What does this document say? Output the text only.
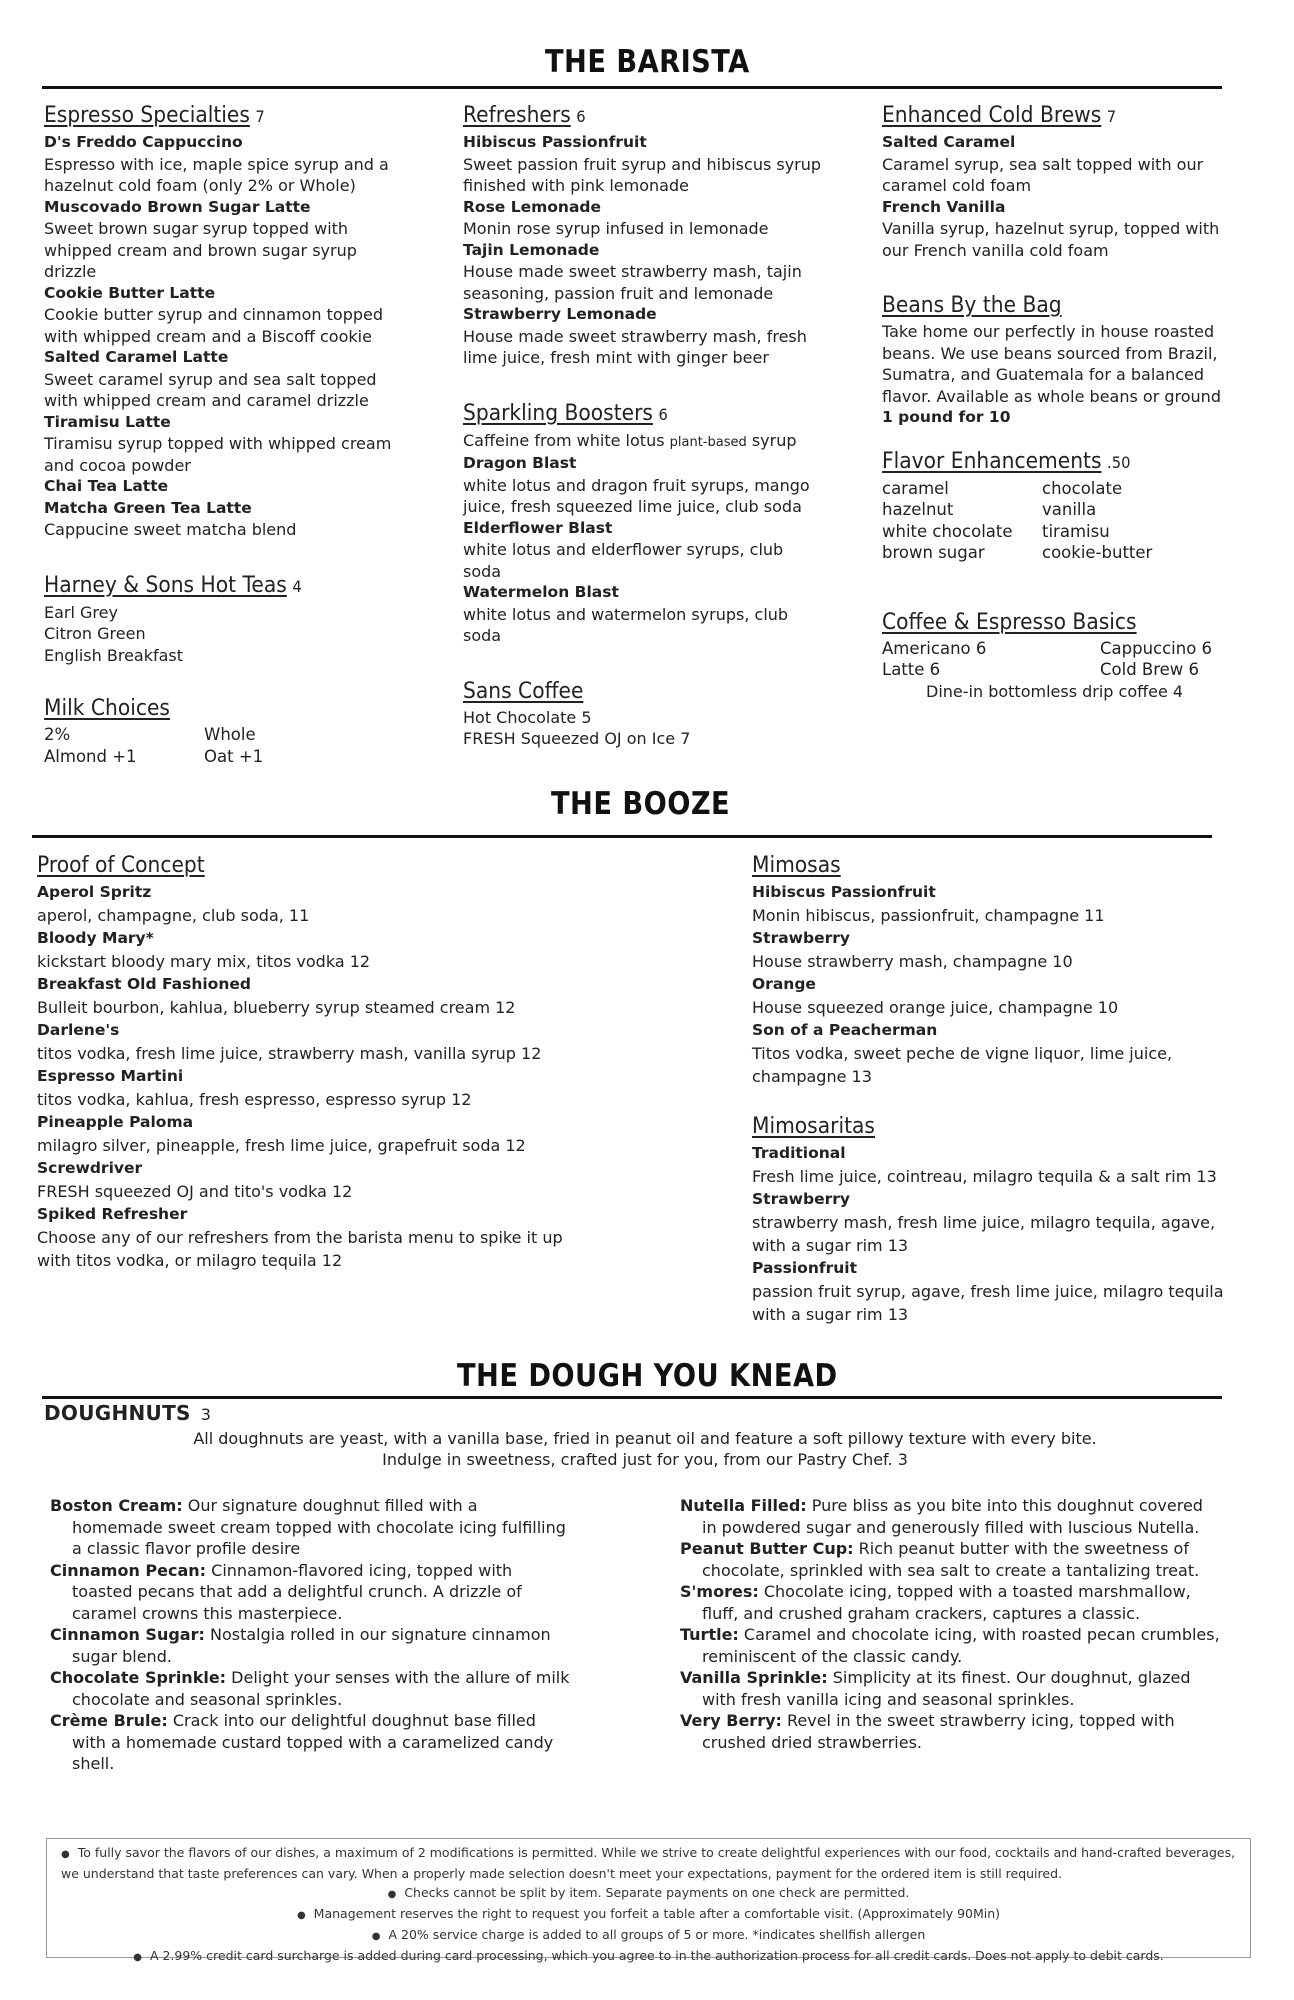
THE BARISTA
Espresso Specialties 7
D's Freddo Cappuccino
Espresso with ice, maple spice syrup and a hazelnut cold foam (only 2% or Whole)
Muscovado Brown Sugar Latte
Sweet brown sugar syrup topped with whipped cream and brown sugar syrup drizzle
Cookie Butter Latte
Cookie butter syrup and cinnamon topped with whipped cream and a Biscoff cookie
Salted Caramel Latte
Sweet caramel syrup and sea salt topped with whipped cream and caramel drizzle
Tiramisu Latte
Tiramisu syrup topped with whipped cream and cocoa powder
Chai Tea Latte
Matcha Green Tea Latte
Cappucine sweet matcha blend
Harney & Sons Hot Teas 4
Earl Grey
Citron Green
English Breakfast
Milk Choices
2%	Whole
Almond +1	Oat +1
Refreshers 6
Hibiscus Passionfruit
Sweet passion fruit syrup and hibiscus syrup finished with pink lemonade
Rose Lemonade
Monin rose syrup infused in lemonade
Tajin Lemonade
House made sweet strawberry mash, tajin seasoning, passion fruit and lemonade
Strawberry Lemonade
House made sweet strawberry mash, fresh lime juice, fresh mint with ginger beer
Sparkling Boosters 6
Caffeine from white lotus plant-based syrup
Dragon Blast
white lotus and dragon fruit syrups, mango juice, fresh squeezed lime juice, club soda
Elderflower Blast
white lotus and elderflower syrups, club soda
Watermelon Blast
white lotus and watermelon syrups, club soda
Sans Coffee
Hot Chocolate 5
FRESH Squeezed OJ on Ice 7
Enhanced Cold Brews 7
Salted Caramel
Caramel syrup, sea salt topped with our caramel cold foam
French Vanilla
Vanilla syrup, hazelnut syrup, topped with our French vanilla cold foam
Beans By the Bag
Take home our perfectly in house roasted beans. We use beans sourced from Brazil, Sumatra, and Guatemala for a balanced flavor. Available as whole beans or ground
1 pound for 10
Flavor Enhancements .50
caramel	chocolate
hazelnut	vanilla
white chocolate	tiramisu
brown sugar	cookie-butter
Coffee & Espresso Basics
Americano 6	Cappuccino 6
Latte 6	Cold Brew 6
Dine-in bottomless drip coffee 4
THE BOOZE
Proof of Concept
Aperol Spritz
aperol, champagne, club soda, 11
Bloody Mary*
kickstart bloody mary mix, titos vodka 12
Breakfast Old Fashioned
Bulleit bourbon, kahlua, blueberry syrup steamed cream 12
Darlene's
titos vodka, fresh lime juice, strawberry mash, vanilla syrup 12
Espresso Martini
titos vodka, kahlua, fresh espresso, espresso syrup 12
Pineapple Paloma
milagro silver, pineapple, fresh lime juice, grapefruit soda 12
Screwdriver
FRESH squeezed OJ and tito's vodka 12
Spiked Refresher
Choose any of our refreshers from the barista menu to spike it up with titos vodka, or milagro tequila 12
Mimosas
Hibiscus Passionfruit
Monin hibiscus, passionfruit, champagne 11
Strawberry
House strawberry mash, champagne 10
Orange
House squeezed orange juice, champagne 10
Son of a Peacherman
Titos vodka, sweet peche de vigne liquor, lime juice, champagne 13
Mimosaritas
Traditional
Fresh lime juice, cointreau, milagro tequila & a salt rim 13
Strawberry
strawberry mash, fresh lime juice, milagro tequila, agave, with a sugar rim 13
Passionfruit
passion fruit syrup, agave, fresh lime juice, milagro tequila with a sugar rim 13
THE DOUGH YOU KNEAD
DOUGHNUTS 3
All doughnuts are yeast, with a vanilla base, fried in peanut oil and feature a soft pillowy texture with every bite.
Indulge in sweetness, crafted just for you, from our Pastry Chef. 3

Boston Cream: Our signature doughnut filled with a homemade sweet cream topped with chocolate icing fulfilling a classic flavor profile desire

Cinnamon Pecan: Cinnamon-flavored icing, topped with toasted pecans that add a delightful crunch. A drizzle of caramel crowns this masterpiece.

Cinnamon Sugar: Nostalgia rolled in our signature cinnamon sugar blend.

Chocolate Sprinkle: Delight your senses with the allure of milk chocolate and seasonal sprinkles.

Crème Brule: Crack into our delightful doughnut base filled with a homemade custard topped with a caramelized candy shell.

Nutella Filled: Pure bliss as you bite into this doughnut covered in powdered sugar and generously filled with luscious Nutella.

Peanut Butter Cup: Rich peanut butter with the sweetness of chocolate, sprinkled with sea salt to create a tantalizing treat.

S'mores: Chocolate icing, topped with a toasted marshmallow, fluff, and crushed graham crackers, captures a classic.

Turtle: Caramel and chocolate icing, with roasted pecan crumbles, reminiscent of the classic candy.

Vanilla Sprinkle: Simplicity at its finest. Our doughnut, glazed with fresh vanilla icing and seasonal sprinkles.

Very Berry: Revel in the sweet strawberry icing, topped with crushed dried strawberries.

● To fully savor the flavors of our dishes, a maximum of 2 modifications is permitted. While we strive to create delightful experiences with our food, cocktails and hand-crafted beverages, we understand that taste preferences can vary. When a properly made selection doesn't meet your expectations, payment for the ordered item is still required.
● Checks cannot be split by item. Separate payments on one check are permitted.
● Management reserves the right to request you forfeit a table after a comfortable visit. (Approximately 90Min)
● A 20% service charge is added to all groups of 5 or more. *indicates shellfish allergen
● A 2.99% credit card surcharge is added during card processing, which you agree to in the authorization process for all credit cards. Does not apply to debit cards.
